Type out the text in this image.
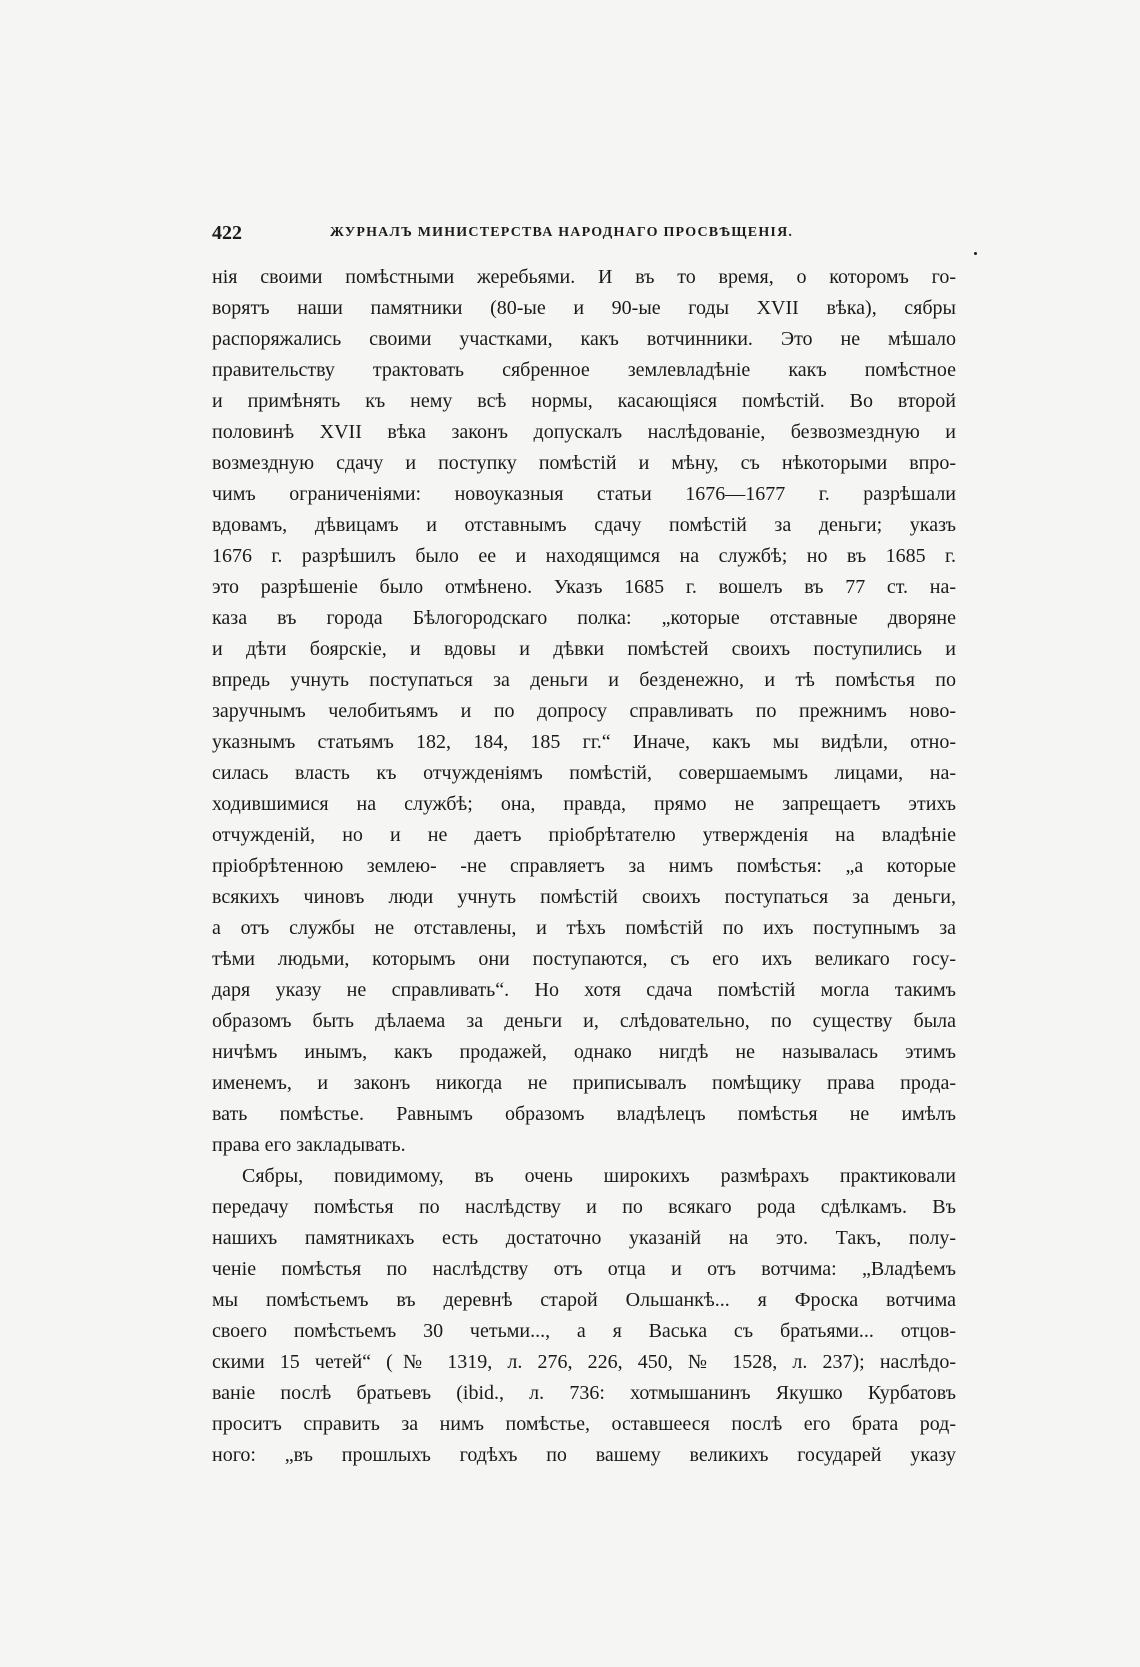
422	ЖУРНАЛЪ МИНИСТЕРСТВА НАРОДНАГО ПРОСВѢЩЕНІЯ.
нія своими помѣстными жеребьями. И въ то время, о которомъ го-
ворятъ наши памятники (80-ые и 90-ые годы XVII вѣка), сябры
распоряжались своими участками, какъ вотчинники. Это не мѣшало
правительству трактовать сябренное землевладѣніе какъ помѣстное
и примѣнять къ нему всѣ нормы, касающіяся помѣстій. Во второй
половинѣ XVII вѣка законъ допускалъ наслѣдованіе, безвозмездную и
возмездную сдачу и поступку помѣстій и мѣну, съ нѣкоторыми впро-
чимъ ограниченіями: новоуказныя статьи 1676—1677 г. разрѣшали
вдовамъ, дѣвицамъ и отставнымъ сдачу помѣстій за деньги; указъ
1676 г. разрѣшилъ было ее и находящимся на службѣ; но въ 1685 г.
это разрѣшеніе было отмѣнено. Указъ 1685 г. вошелъ въ 77 ст. на-
каза въ города Бѣлогородскаго полка: „которые отставные дворяне
и дѣти боярскіе, и вдовы и дѣвки помѣстей своихъ поступились и
впредь учнуть поступаться за деньги и безденежно, и тѣ помѣстья по
заручнымъ челобитьямъ и по допросу справливать по прежнимъ ново-
указнымъ статьямъ 182, 184, 185 гг.“ Иначе, какъ мы видѣли, отно-
силась власть къ отчужденіямъ помѣстій, совершаемымъ лицами, на-
ходившимися на службѣ; она, правда, прямо не запрещаетъ этихъ
отчужденій, но и не даетъ пріобрѣтателю утвержденія на владѣніе
пріобрѣтенною землею- -не справляетъ за нимъ помѣстья: „а которые
всякихъ чиновъ люди учнуть помѣстій своихъ поступаться за деньги,
а отъ службы не отставлены, и тѣхъ помѣстій по ихъ поступнымъ за
тѣми людьми, которымъ они поступаются, съ его ихъ великаго госу-
даря указу не справливать“. Но хотя сдача помѣстій могла такимъ
образомъ быть дѣлаема за деньги и, слѣдовательно, по существу была
ничѣмъ инымъ, какъ продажей, однако нигдѣ не называлась этимъ
именемъ, и законъ никогда не приписывалъ помѣщику права прода-
вать помѣстье. Равнымъ образомъ владѣлецъ помѣстья не имѣлъ
права его закладывать.
Сябры, повидимому, въ очень широкихъ размѣрахъ практиковали
передачу помѣстья по наслѣдству и по всякаго рода сдѣлкамъ. Въ
нашихъ памятникахъ есть достаточно указаній на это. Такъ, полу-
ченіе помѣстья по наслѣдству отъ отца и отъ вотчима: „Владѣемъ
мы помѣстьемъ въ деревнѣ старой Ольшанкѣ... я Фроска вотчима
своего помѣстьемъ 30 четьми..., а я Васька съ братьями... отцов-
скими 15 четей“ (№ 1319, л. 276, 226, 450, № 1528, л. 237); наслѣдо-
ваніе послѣ братьевъ (ibid., л. 736: хотмышанинъ Якушко Курбатовъ
проситъ справить за нимъ помѣстье, оставшееся послѣ его брата род-
ного: „въ прошлыхъ годѣхъ по вашему великихъ государей указу
